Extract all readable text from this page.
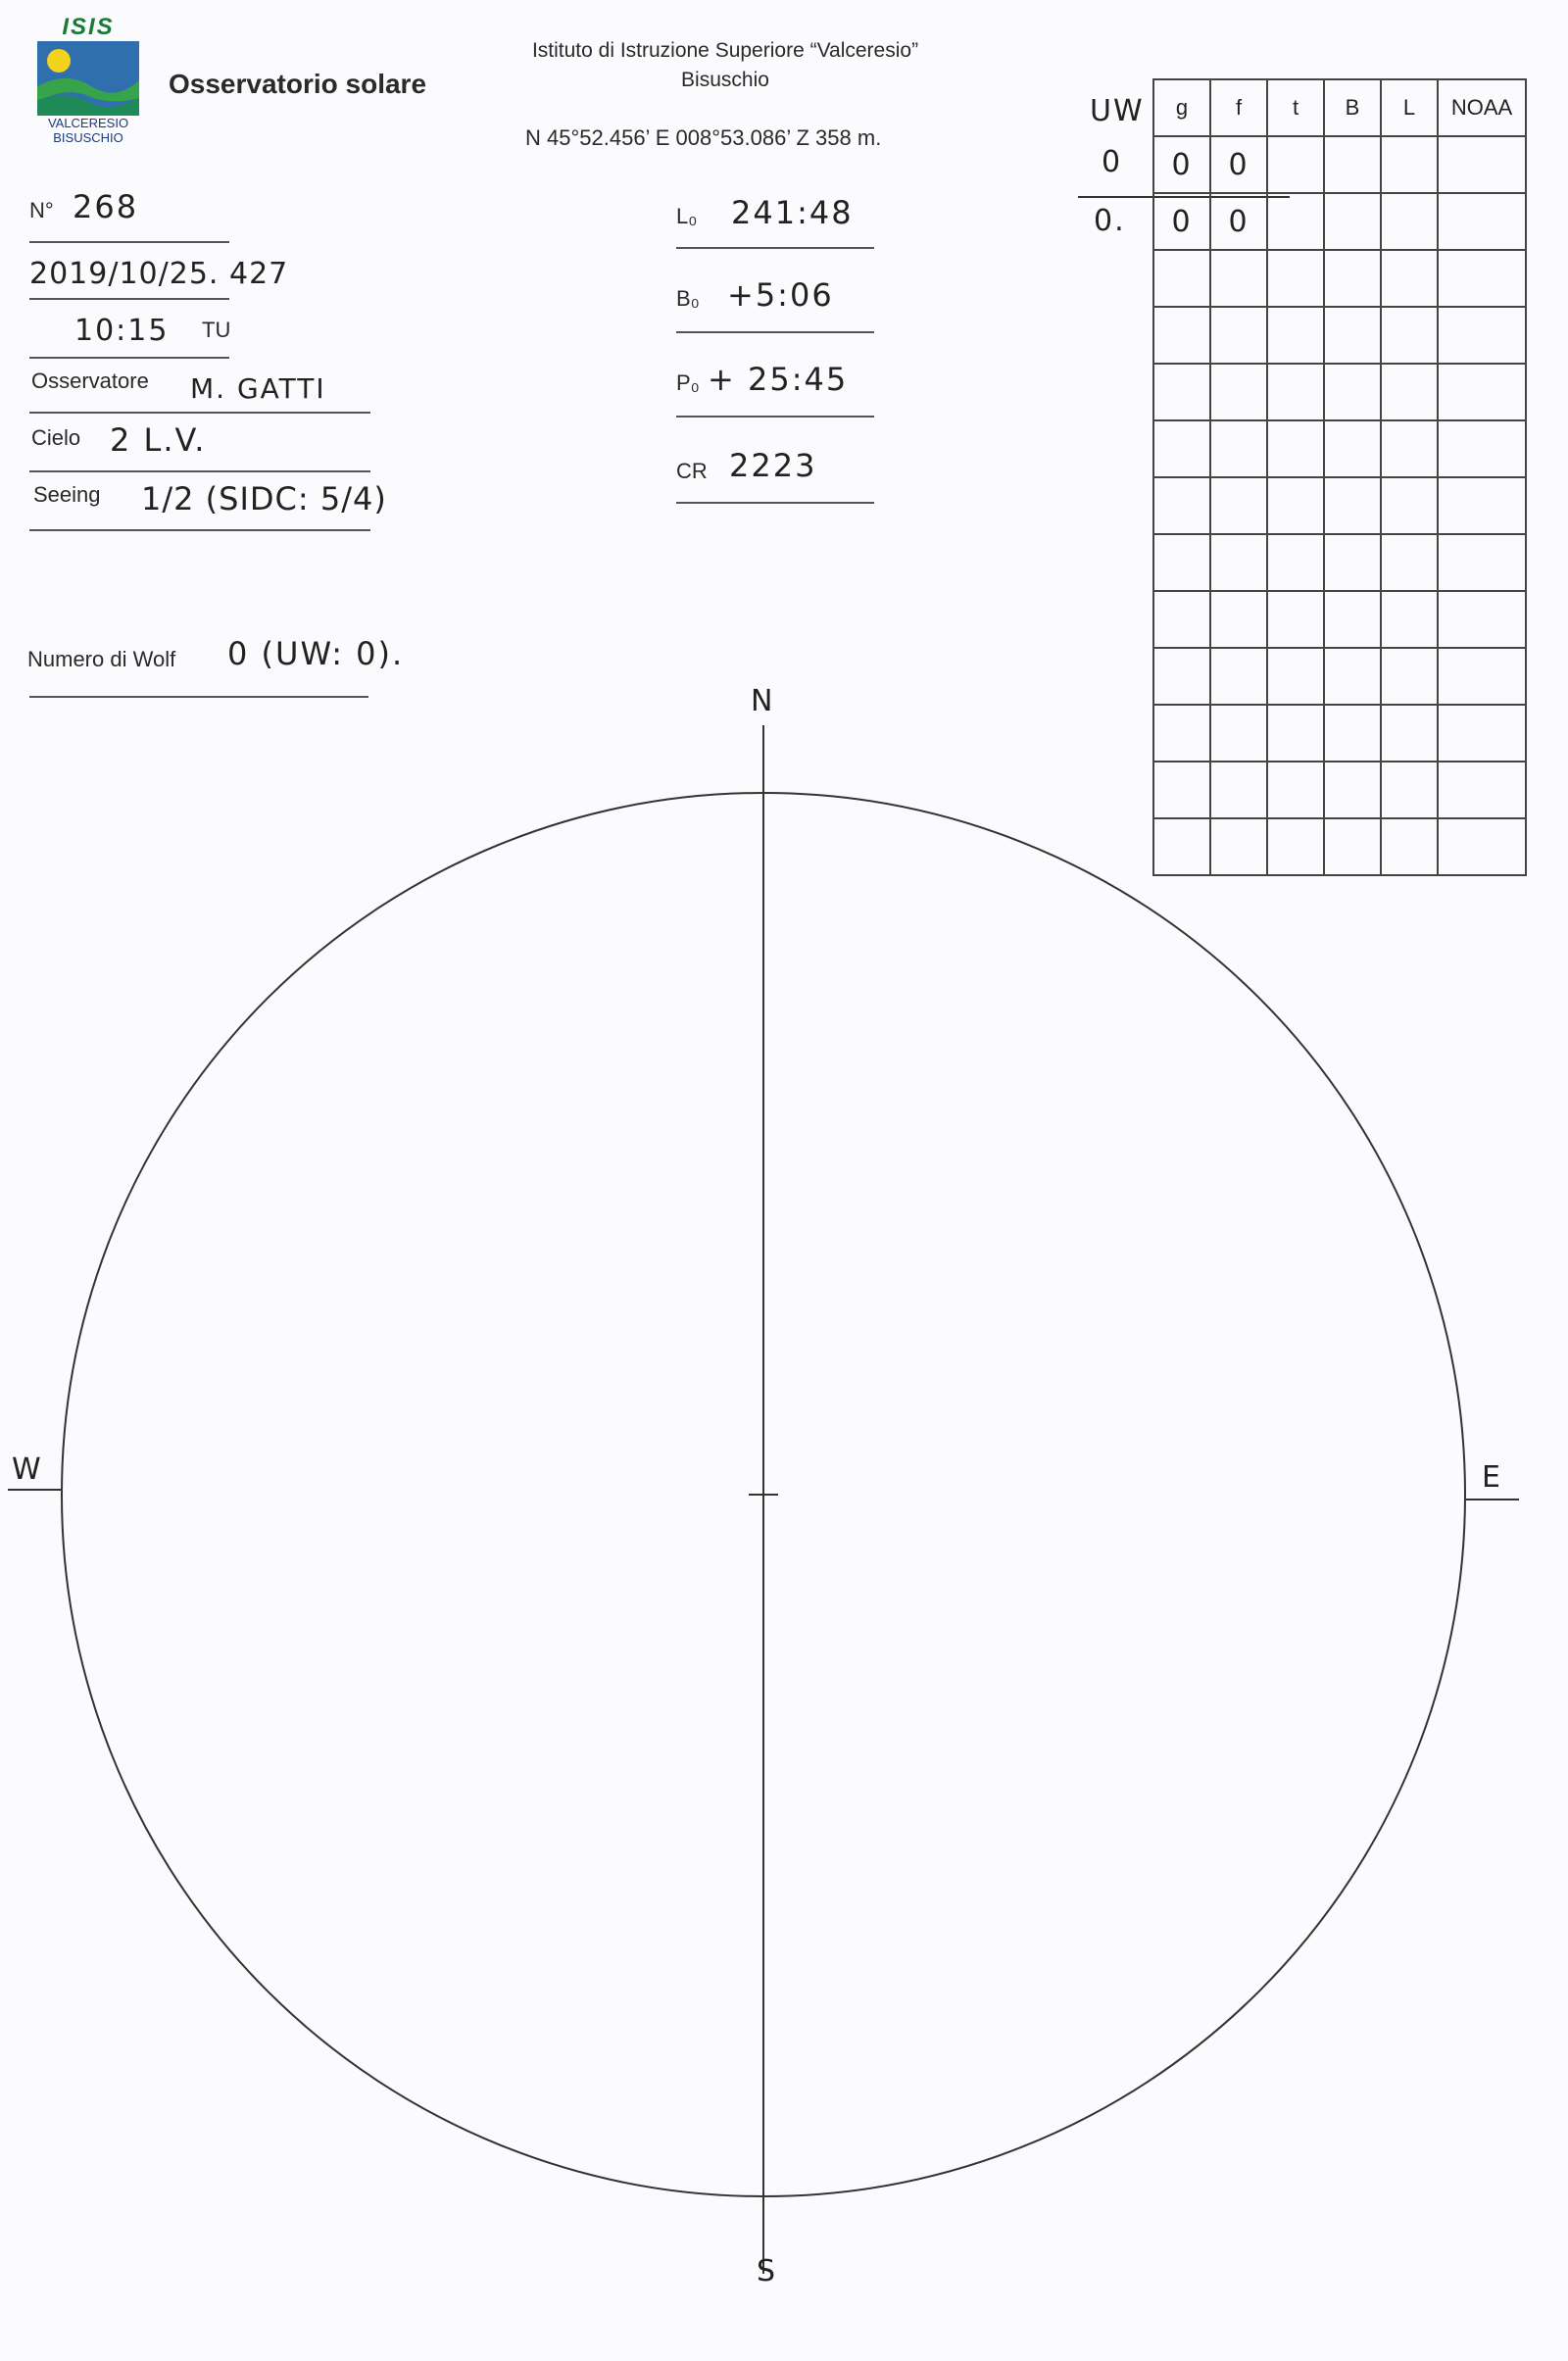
ISIS
VALCERESIO
BISUSCHIO
Osservatorio solare
Istituto di Istruzione Superiore “Valceresio”
Bisuschio
N 45°52.456’ E 008°53.086’ Z 358 m.
N° 268
2019/10/25. 427
10:15 TU
Osservatore M. GATTI
Cielo 2 L.V.
Seeing 1/2 (SIDC: 5/4)
Numero di Wolf 0 (UW: 0).
L₀ 241:48
B₀ +5:06
P₀ + 25:45
CR 2223
UW
0
0.
g	f	t	B	L	NOAA
0	0				
0	0				

N
S
E
W
